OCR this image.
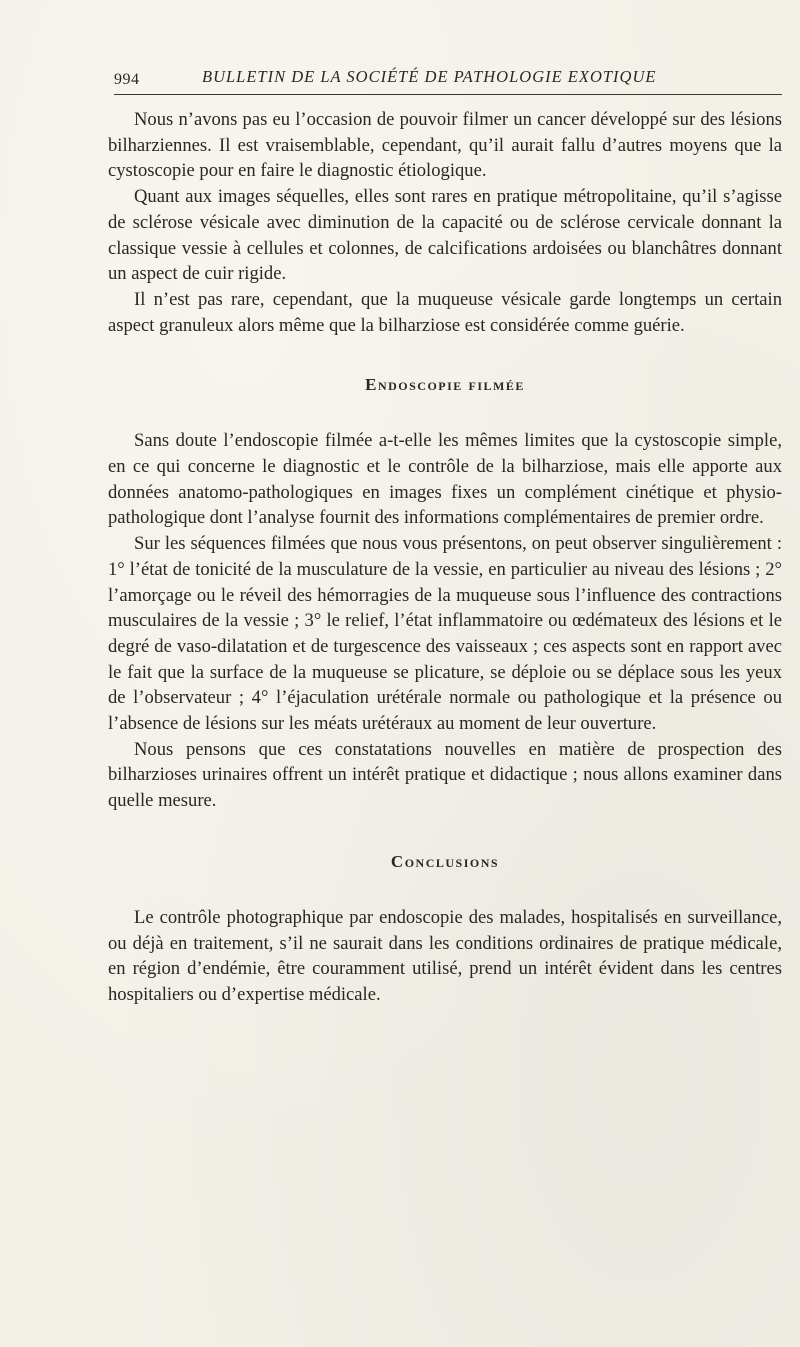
994	BULLETIN DE LA SOCIÉTÉ DE PATHOLOGIE EXOTIQUE

Nous n’avons pas eu l’occasion de pouvoir filmer un cancer développé sur des lésions bilharziennes. Il est vraisemblable, cependant, qu’il aurait fallu d’autres moyens que la cystoscopie pour en faire le diagnostic étiologique.

Quant aux images séquelles, elles sont rares en pratique métropolitaine, qu’il s’agisse de sclérose vésicale avec diminution de la capacité ou de sclérose cervicale donnant la classique vessie à cellules et colonnes, de calcifications ardoisées ou blanchâtres donnant un aspect de cuir rigide.

Il n’est pas rare, cependant, que la muqueuse vésicale garde longtemps un certain aspect granuleux alors même que la bilharziose est considérée comme guérie.

Endoscopie filmée

Sans doute l’endoscopie filmée a-t-elle les mêmes limites que la cystoscopie simple, en ce qui concerne le diagnostic et le contrôle de la bilharziose, mais elle apporte aux données anatomo-pathologiques en images fixes un complément cinétique et physio-pathologique dont l’analyse fournit des informations complémentaires de premier ordre.

Sur les séquences filmées que nous vous présentons, on peut observer singulièrement : 1° l’état de tonicité de la musculature de la vessie, en particulier au niveau des lésions ; 2° l’amorçage ou le réveil des hémorragies de la muqueuse sous l’influence des contractions musculaires de la vessie ; 3° le relief, l’état inflammatoire ou œdémateux des lésions et le degré de vaso-dilatation et de turgescence des vaisseaux ; ces aspects sont en rapport avec le fait que la surface de la muqueuse se plicature, se déploie ou se déplace sous les yeux de l’observateur ; 4° l’éjaculation urétérale normale ou pathologique et la présence ou l’absence de lésions sur les méats urétéraux au moment de leur ouverture.

Nous pensons que ces constatations nouvelles en matière de prospection des bilharzioses urinaires offrent un intérêt pratique et didactique ; nous allons examiner dans quelle mesure.

Conclusions

Le contrôle photographique par endoscopie des malades, hospitalisés en surveillance, ou déjà en traitement, s’il ne saurait dans les conditions ordinaires de pratique médicale, en région d’endémie, être couramment utilisé, prend un intérêt évident dans les centres hospitaliers ou d’expertise médicale.
